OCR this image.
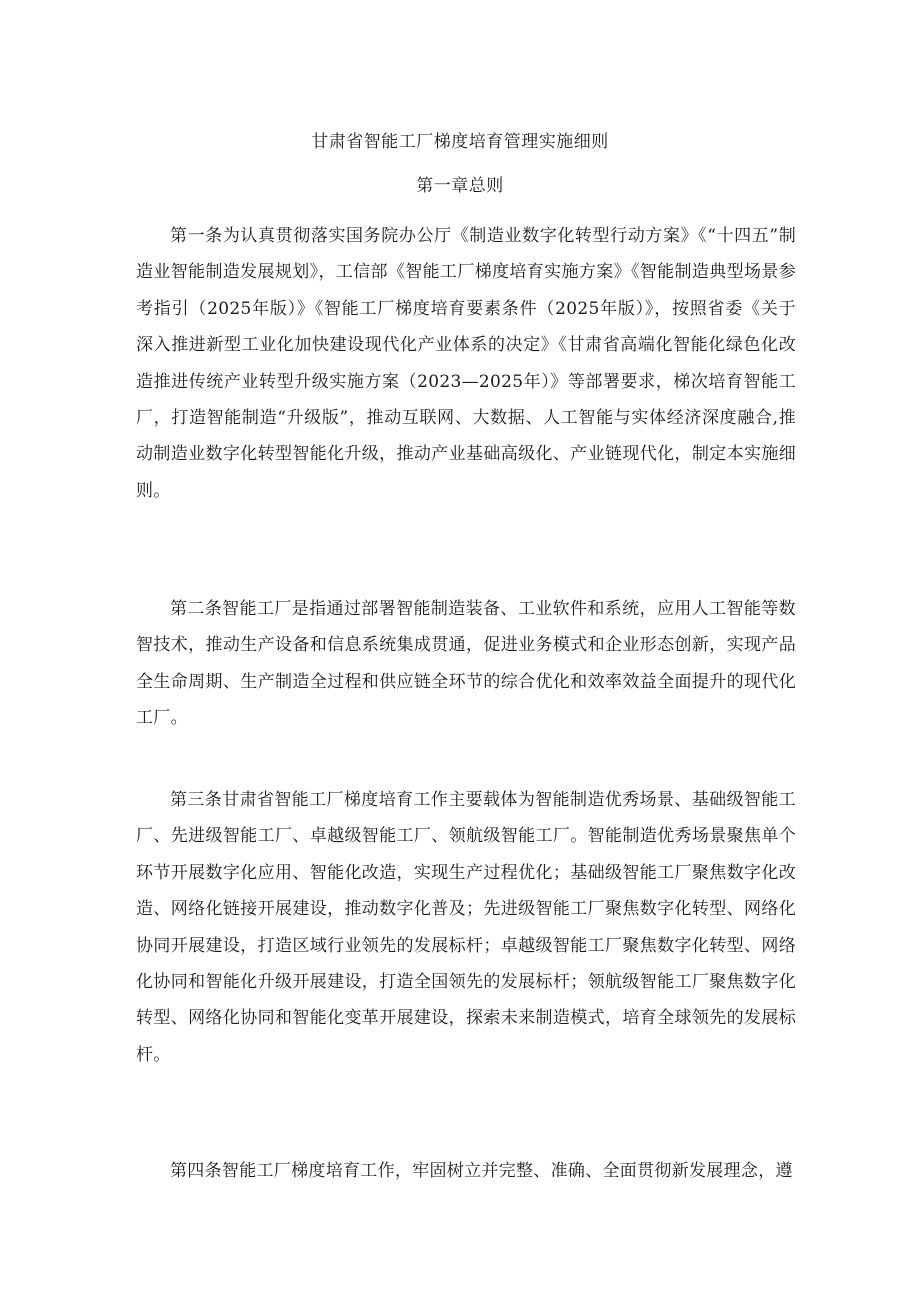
甘肃省智能工厂梯度培育管理实施细则
第一章总则

第一条为认真贯彻落实国务院办公厅《制造业数字化转型行动方案》《“十四五”制造业智能制造发展规划》，工信部《智能工厂梯度培育实施方案》《智能制造典型场景参考指引（2025年版）》《智能工厂梯度培育要素条件（2025年版）》，按照省委《关于深入推进新型工业化加快建设现代化产业体系的决定》《甘肃省高端化智能化绿色化改造推进传统产业转型升级实施方案（2023—2025年）》等部署要求，梯次培育智能工厂，打造智能制造“升级版”，推动互联网、大数据、人工智能与实体经济深度融合,推动制造业数字化转型智能化升级，推动产业基础高级化、产业链现代化，制定本实施细则。

第二条智能工厂是指通过部署智能制造装备、工业软件和系统，应用人工智能等数智技术，推动生产设备和信息系统集成贯通，促进业务模式和企业形态创新，实现产品全生命周期、生产制造全过程和供应链全环节的综合优化和效率效益全面提升的现代化工厂。

第三条甘肃省智能工厂梯度培育工作主要载体为智能制造优秀场景、基础级智能工厂、先进级智能工厂、卓越级智能工厂、领航级智能工厂。智能制造优秀场景聚焦单个环节开展数字化应用、智能化改造，实现生产过程优化；基础级智能工厂聚焦数字化改造、网络化链接开展建设，推动数字化普及；先进级智能工厂聚焦数字化转型、网络化协同开展建设，打造区域行业领先的发展标杆；卓越级智能工厂聚焦数字化转型、网络化协同和智能化升级开展建设，打造全国领先的发展标杆；领航级智能工厂聚焦数字化转型、网络化协同和智能化变革开展建设，探索未来制造模式，培育全球领先的发展标杆。

第四条智能工厂梯度培育工作，牢固树立并完整、准确、全面贯彻新发展理念，遵
